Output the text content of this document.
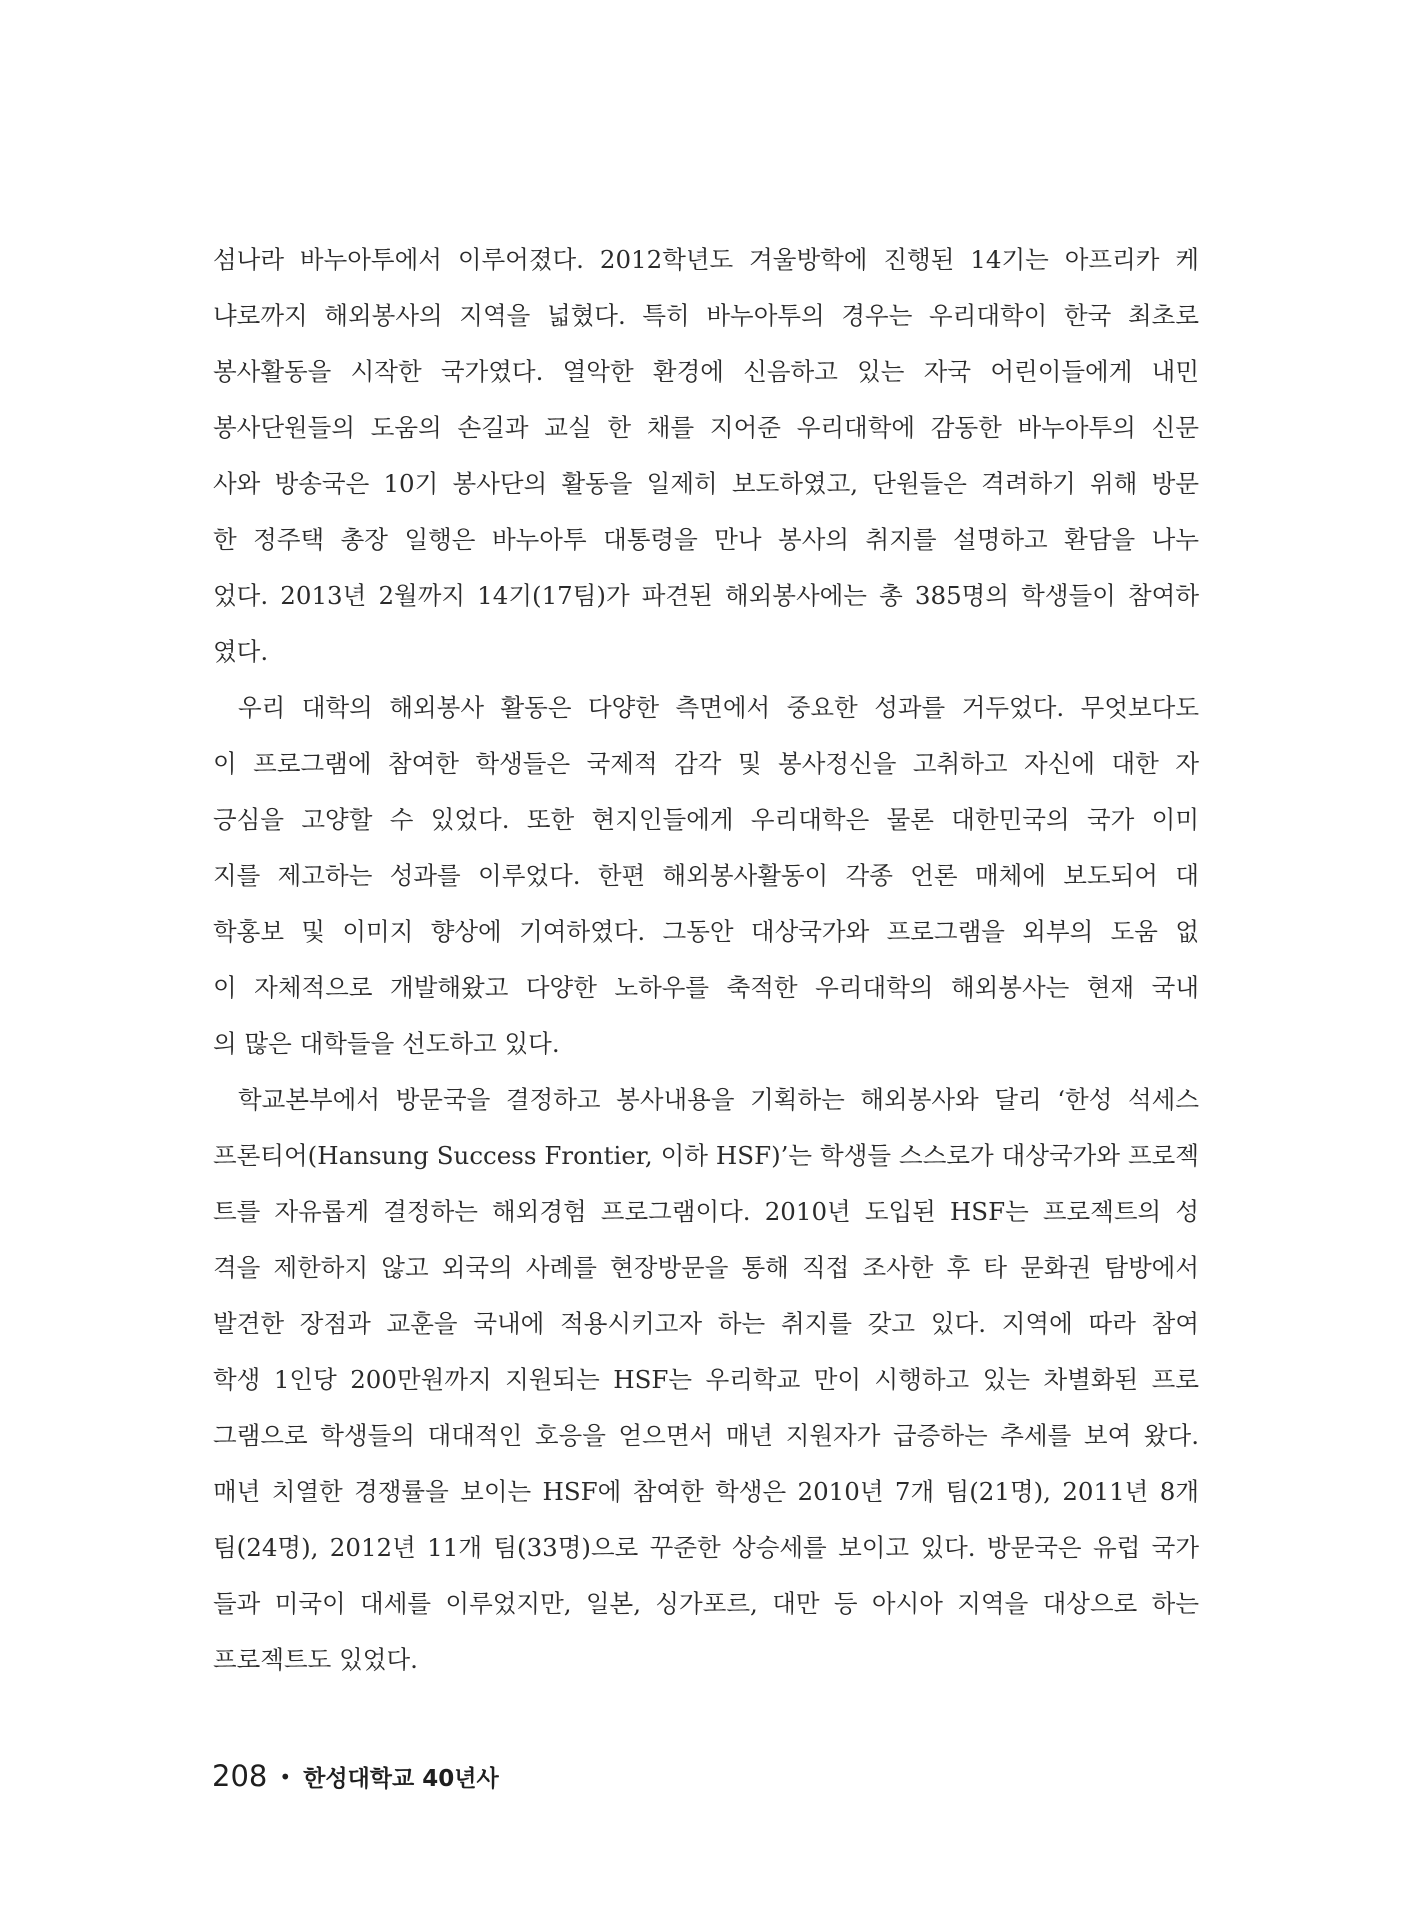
섬나라 바누아투에서 이루어졌다. 2012학년도 겨울방학에 진행된 14기는 아프리카 케
냐로까지 해외봉사의 지역을 넓혔다. 특히 바누아투의 경우는 우리대학이 한국 최초로
봉사활동을 시작한 국가였다. 열악한 환경에 신음하고 있는 자국 어린이들에게 내민
봉사단원들의 도움의 손길과 교실 한 채를 지어준 우리대학에 감동한 바누아투의 신문
사와 방송국은 10기 봉사단의 활동을 일제히 보도하였고, 단원들은 격려하기 위해 방문
한 정주택 총장 일행은 바누아투 대통령을 만나 봉사의 취지를 설명하고 환담을 나누
었다. 2013년 2월까지 14기(17팀)가 파견된 해외봉사에는 총 385명의 학생들이 참여하
였다.
우리 대학의 해외봉사 활동은 다양한 측면에서 중요한 성과를 거두었다. 무엇보다도
이 프로그램에 참여한 학생들은 국제적 감각 및 봉사정신을 고취하고 자신에 대한 자
긍심을 고양할 수 있었다. 또한 현지인들에게 우리대학은 물론 대한민국의 국가 이미
지를 제고하는 성과를 이루었다. 한편 해외봉사활동이 각종 언론 매체에 보도되어 대
학홍보 및 이미지 향상에 기여하였다. 그동안 대상국가와 프로그램을 외부의 도움 없
이 자체적으로 개발해왔고 다양한 노하우를 축적한 우리대학의 해외봉사는 현재 국내
의 많은 대학들을 선도하고 있다.
학교본부에서 방문국을 결정하고 봉사내용을 기획하는 해외봉사와 달리 ‘한성 석세스
프론티어(Hansung Success Frontier, 이하 HSF)’는 학생들 스스로가 대상국가와 프로젝
트를 자유롭게 결정하는 해외경험 프로그램이다. 2010년 도입된 HSF는 프로젝트의 성
격을 제한하지 않고 외국의 사례를 현장방문을 통해 직접 조사한 후 타 문화권 탐방에서
발견한 장점과 교훈을 국내에 적용시키고자 하는 취지를 갖고 있다. 지역에 따라 참여
학생 1인당 200만원까지 지원되는 HSF는 우리학교 만이 시행하고 있는 차별화된 프로
그램으로 학생들의 대대적인 호응을 얻으면서 매년 지원자가 급증하는 추세를 보여 왔다.
매년 치열한 경쟁률을 보이는 HSF에 참여한 학생은 2010년 7개 팀(21명), 2011년 8개
팀(24명), 2012년 11개 팀(33명)으로 꾸준한 상승세를 보이고 있다. 방문국은 유럽 국가
들과 미국이 대세를 이루었지만, 일본, 싱가포르, 대만 등 아시아 지역을 대상으로 하는
프로젝트도 있었다.
208 • 한성대학교 40년사
